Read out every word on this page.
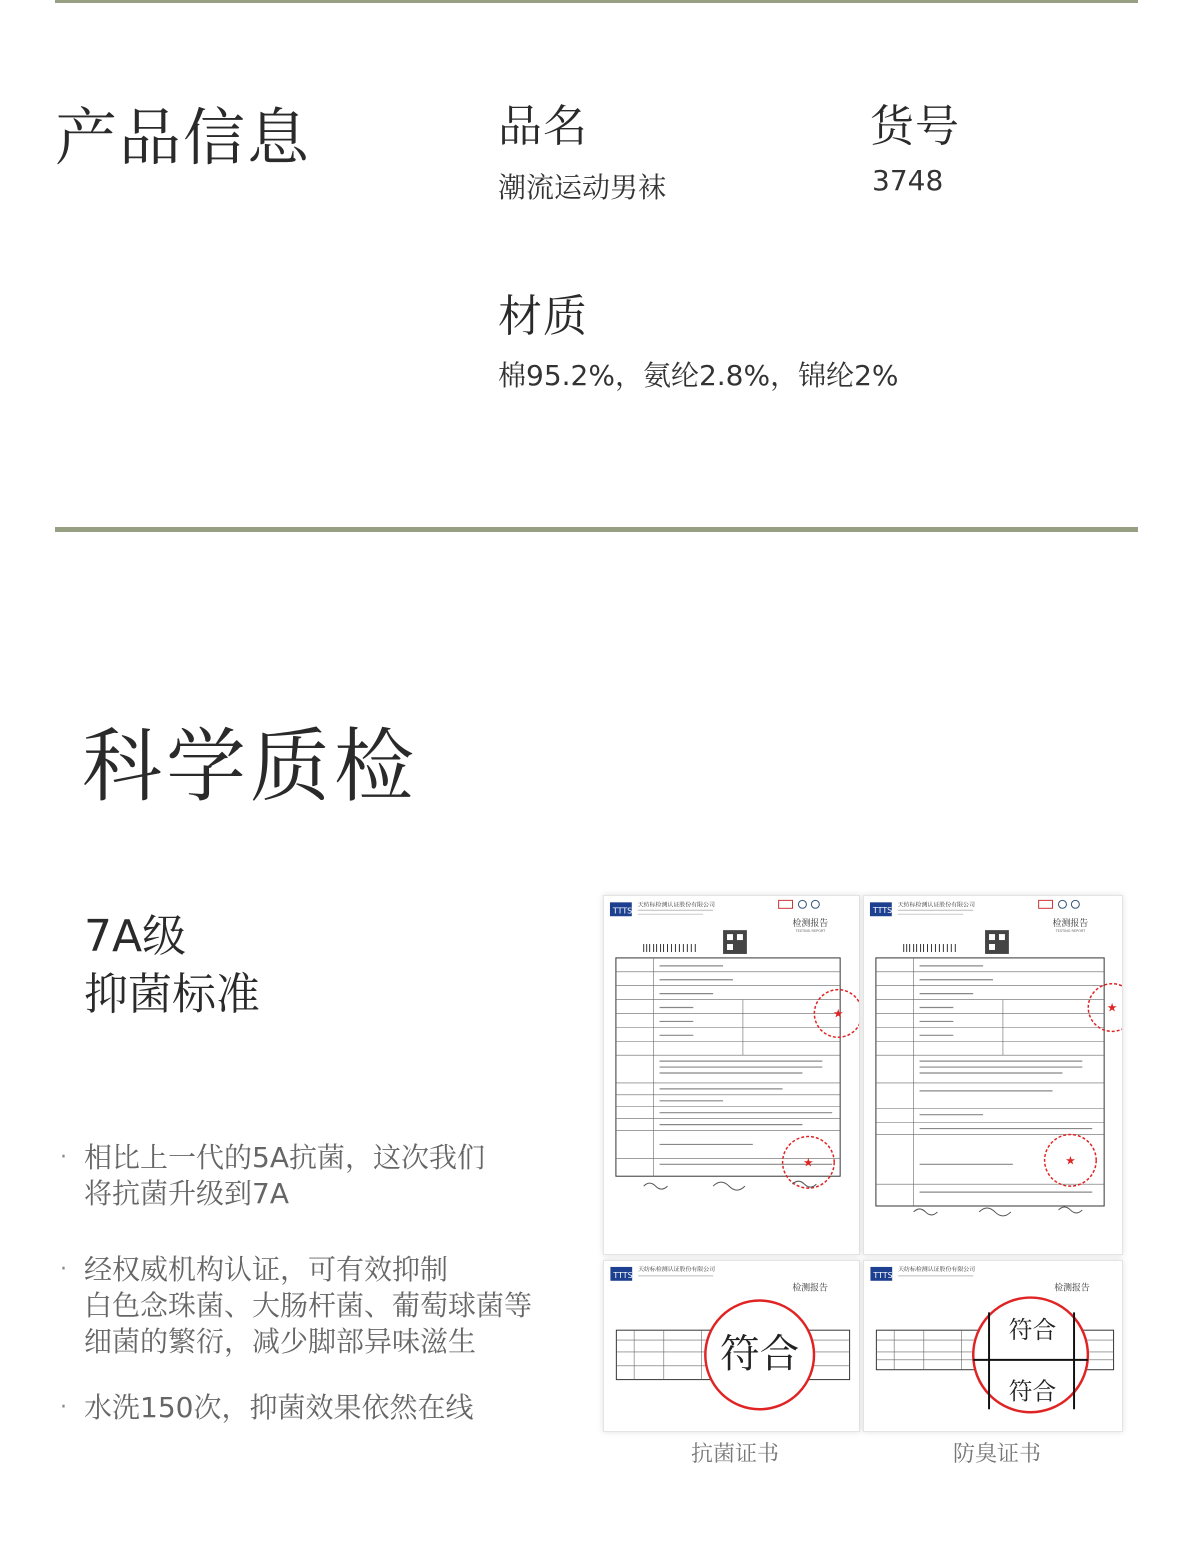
产品信息	品名
潮流运动男袜
货号
3748
材质
棉95.2%，氨纶2.8%，锦纶2%
科学质检
7A级
抑菌标准
· 相比上一代的5A抗菌，这次我们
将抗菌升级到7A
· 经权威机构认证，可有效抑制
白色念珠菌、大肠杆菌、葡萄球菌等
细菌的繁衍，减少脚部异味滋生
· 水洗150次，抑菌效果依然在线
TTTS
天纺标检测认证股份有限公司
检测报告
TESTING REPORT
★
★
TTTS
天纺标检测认证股份有限公司
检测报告
TESTING REPORT
★
★
TTTS
天纺标检测认证股份有限公司
检测报告
符合
TTTS
天纺标检测认证股份有限公司
检测报告
符合
符合
抗菌证书	防臭证书
